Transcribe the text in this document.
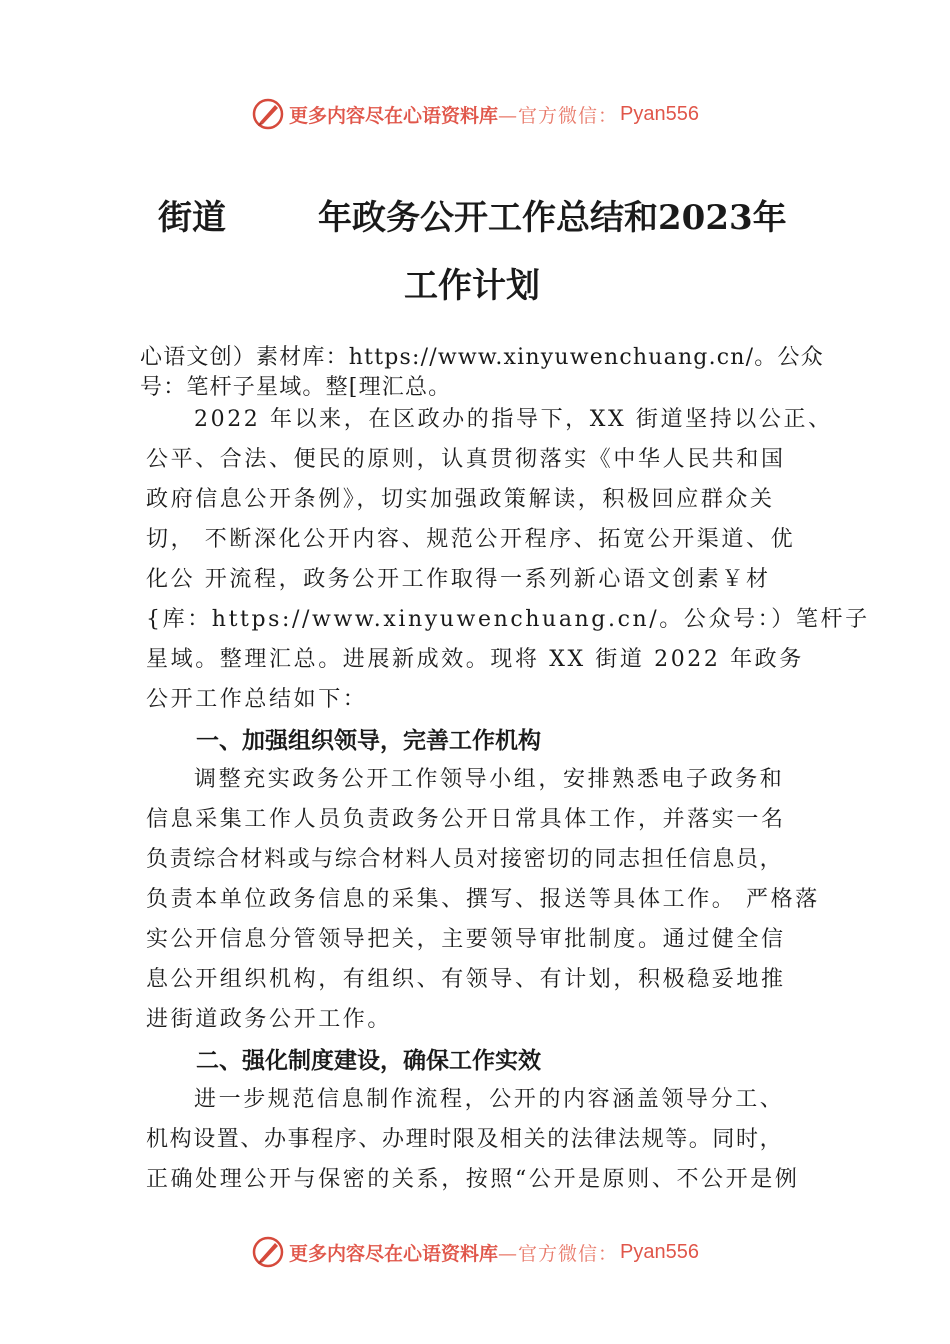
更多内容尽在心语资料库 —官方微信： Pyan556
街道	年政务公开工作总结和2023年
工作计划
心语文创）素材库：https://www.xinyuwenchuang.cn/。公众
号：笔杆子星域。整[理汇总。
2022 年以来，在区政办的指导下，XX 街道坚持以公正、
公平、合法、便民的原则，认真贯彻落实《中华人民共和国
政府信息公开条例》，切实加强政策解读，积极回应群众关
切， 不断深化公开内容、规范公开程序、拓宽公开渠道、优
化公 开流程，政务公开工作取得一系列新心语文创素￥材
{库：https://www.xinyuwenchuang.cn/。公众号：）笔杆子
星域。整理汇总。进展新成效。现将 XX 街道 2022 年政务
公开工作总结如下：
一、加强组织领导，完善工作机构
调整充实政务公开工作领导小组，安排熟悉电子政务和
信息采集工作人员负责政务公开日常具体工作，并落实一名
负责综合材料或与综合材料人员对接密切的同志担任信息员，
负责本单位政务信息的采集、撰写、报送等具体工作。 严格落
实公开信息分管领导把关，主要领导审批制度。通过健全信
息公开组织机构，有组织、有领导、有计划，积极稳妥地推
进街道政务公开工作。
二、强化制度建设，确保工作实效
进一步规范信息制作流程，公开的内容涵盖领导分工、
机构设置、办事程序、办理时限及相关的法律法规等。同时，
正确处理公开与保密的关系，按照“公开是原则、不公开是例
更多内容尽在心语资料库 —官方微信： Pyan556
